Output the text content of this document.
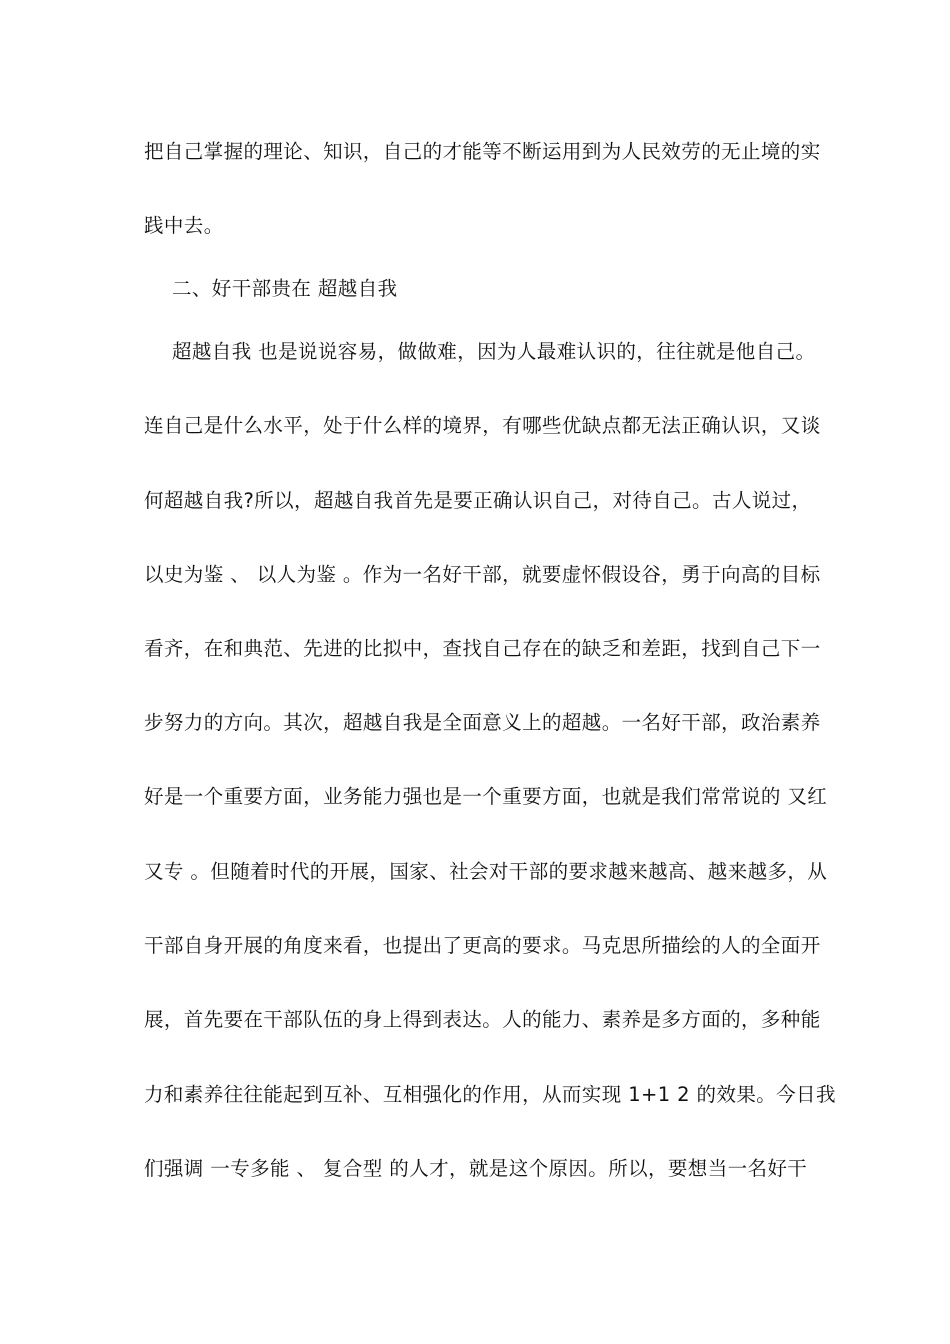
把自己掌握的理论、知识，自己的才能等不断运用到为人民效劳的无止境的实
践中去。
二、好干部贵在 超越自我
超越自我 也是说说容易，做做难，因为人最难认识的，往往就是他自己。
连自己是什么水平，处于什么样的境界，有哪些优缺点都无法正确认识，又谈
何超越自我?所以，超越自我首先是要正确认识自己，对待自己。古人说过，
以史为鉴 、 以人为鉴 。作为一名好干部，就要虚怀假设谷，勇于向高的目标
看齐，在和典范、先进的比拟中，查找自己存在的缺乏和差距，找到自己下一
步努力的方向。其次，超越自我是全面意义上的超越。一名好干部，政治素养
好是一个重要方面，业务能力强也是一个重要方面，也就是我们常常说的 又红
又专 。但随着时代的开展，国家、社会对干部的要求越来越高、越来越多，从
干部自身开展的角度来看，也提出了更高的要求。马克思所描绘的人的全面开
展，首先要在干部队伍的身上得到表达。人的能力、素养是多方面的，多种能
力和素养往往能起到互补、互相强化的作用，从而实现 1+1 2 的效果。今日我
们强调 一专多能 、 复合型 的人才，就是这个原因。所以，要想当一名好干
